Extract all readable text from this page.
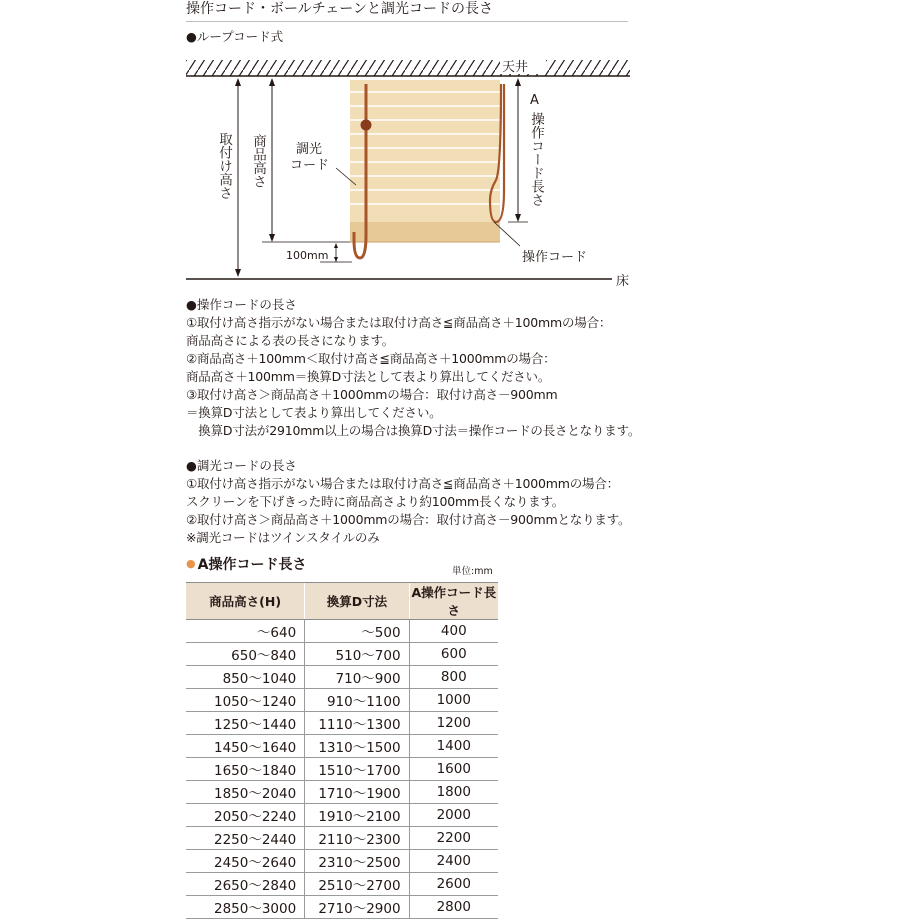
操作コード・ボールチェーンと調光コードの長さ
●ループコード式
天井
床
取付け高さ 商品高さ 調光
コード
100mm
A
操作コード長さ
操作コード
●操作コードの長さ
①取付け高さ指示がない場合または取付け高さ≦商品高さ＋100mmの場合：
商品高さによる表の長さになります。
②商品高さ＋100mm＜取付け高さ≦商品高さ＋1000mmの場合：
商品高さ＋100mm＝換算D寸法として表より算出してください。
③取付け高さ＞商品高さ＋1000mmの場合：取付け高さ－900mm
＝換算D寸法として表より算出してください。
　換算D寸法が2910mm以上の場合は換算D寸法＝操作コードの長さとなります。
●調光コードの長さ
①取付け高さ指示がない場合または取付け高さ≦商品高さ＋1000mmの場合：
スクリーンを下げきった時に商品高さより約100mm長くなります。
②取付け高さ＞商品高さ＋1000mmの場合：取付け高さ－900mmとなります。
※調光コードはツインスタイルのみ
● A操作コード長さ	単位:mm
商品高さ(H)	換算D寸法	A操作コード長さ
～640	～500	400
650～840	510～700	600
850～1040	710～900	800
1050～1240	910～1100	1000
1250～1440	1110～1300	1200
1450～1640	1310～1500	1400
1650～1840	1510～1700	1600
1850～2040	1710～1900	1800
2050～2240	1910～2100	2000
2250～2440	2110～2300	2200
2450～2640	2310～2500	2400
2650～2840	2510～2700	2600
2850～3000	2710～2900	2800
